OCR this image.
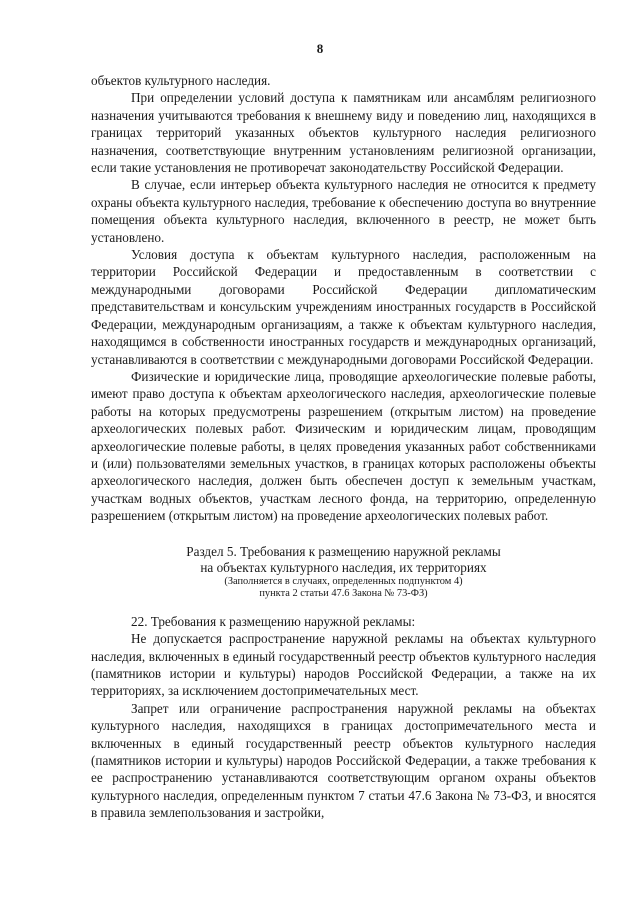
8

объектов культурного наследия.

При определении условий доступа к памятникам или ансамблям религиозного назначения учитываются требования к внешнему виду и поведению лиц, находящихся в границах территорий указанных объектов культурного наследия религиозного назначения, соответствующие внутренним установлениям религиозной организации, если такие установления не противоречат законодательству Российской Федерации.

В случае, если интерьер объекта культурного наследия не относится к предмету охраны объекта культурного наследия, требование к обеспечению доступа во внутренние помещения объекта культурного наследия, включенного в реестр, не может быть установлено.

Условия доступа к объектам культурного наследия, расположенным на территории Российской Федерации и предоставленным в соответствии с международными договорами Российской Федерации дипломатическим представительствам и консульским учреждениям иностранных государств в Российской Федерации, международным организациям, а также к объектам культурного наследия, находящимся в собственности иностранных государств и международных организаций, устанавливаются в соответствии с международными договорами Российской Федерации.

Физические и юридические лица, проводящие археологические полевые работы, имеют право доступа к объектам археологического наследия, археологические полевые работы на которых предусмотрены разрешением (открытым листом) на проведение археологических полевых работ. Физическим и юридическим лицам, проводящим археологические полевые работы, в целях проведения указанных работ собственниками и (или) пользователями земельных участков, в границах которых расположены объекты археологического наследия, должен быть обеспечен доступ к земельным участкам, участкам водных объектов, участкам лесного фонда, на территорию, определенную разрешением (открытым листом) на проведение археологических полевых работ.

Раздел 5. Требования к размещению наружной рекламы
на объектах культурного наследия, их территориях
(Заполняется в случаях, определенных подпунктом 4)
пункта 2 статьи 47.6 Закона № 73-ФЗ)

22. Требования к размещению наружной рекламы:

Не допускается распространение наружной рекламы на объектах культурного наследия, включенных в единый государственный реестр объектов культурного наследия (памятников истории и культуры) народов Российской Федерации, а также на их территориях, за исключением достопримечательных мест.

Запрет или ограничение распространения наружной рекламы на объектах культурного наследия, находящихся в границах достопримечательного места и включенных в единый государственный реестр объектов культурного наследия (памятников истории и культуры) народов Российской Федерации, а также требования к ее распространению устанавливаются соответствующим органом охраны объектов культурного наследия, определенным пунктом 7 статьи 47.6 Закона № 73-ФЗ, и вносятся в правила землепользования и застройки,
